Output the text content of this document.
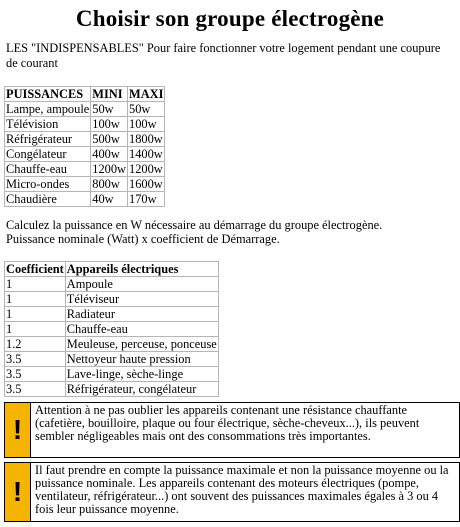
Choisir son groupe électrogène
LES "INDISPENSABLES" Pour faire fonctionner votre logement pendant une coupure de courant
PUISSANCES	MINI	MAXI
Lampe, ampoule	50w	50w
Télévision	100w	100w
Réfrigérateur	500w	1800w
Congélateur	400w	1400w
Chauffe-eau	1200w	1200w
Micro-ondes	800w	1600w
Chaudière	40w	170w
Calculez la puissance en W nécessaire au démarrage du groupe électrogène.
Puissance nominale (Watt) x coefficient de Démarrage.
Coefficient	Appareils électriques
1	Ampoule
1	Téléviseur
1	Radiateur
1	Chauffe-eau
1.2	Meuleuse, perceuse, ponceuse
3.5	Nettoyeur haute pression
3.5	Lave-linge, sèche-linge
3.5	Réfrigérateur, congélateur
!
Attention à ne pas oublier les appareils contenant une résistance chauffante (cafetière, bouilloire, plaque ou four électrique, sèche-cheveux...), ils peuvent sembler négligeables mais ont des consommations très importantes.
!
Il faut prendre en compte la puissance maximale et non la puissance moyenne ou la puissance nominale. Les appareils contenant des moteurs électriques (pompe, ventilateur, réfrigérateur...) ont souvent des puissances maximales égales à 3 ou 4 fois leur puissance moyenne.
